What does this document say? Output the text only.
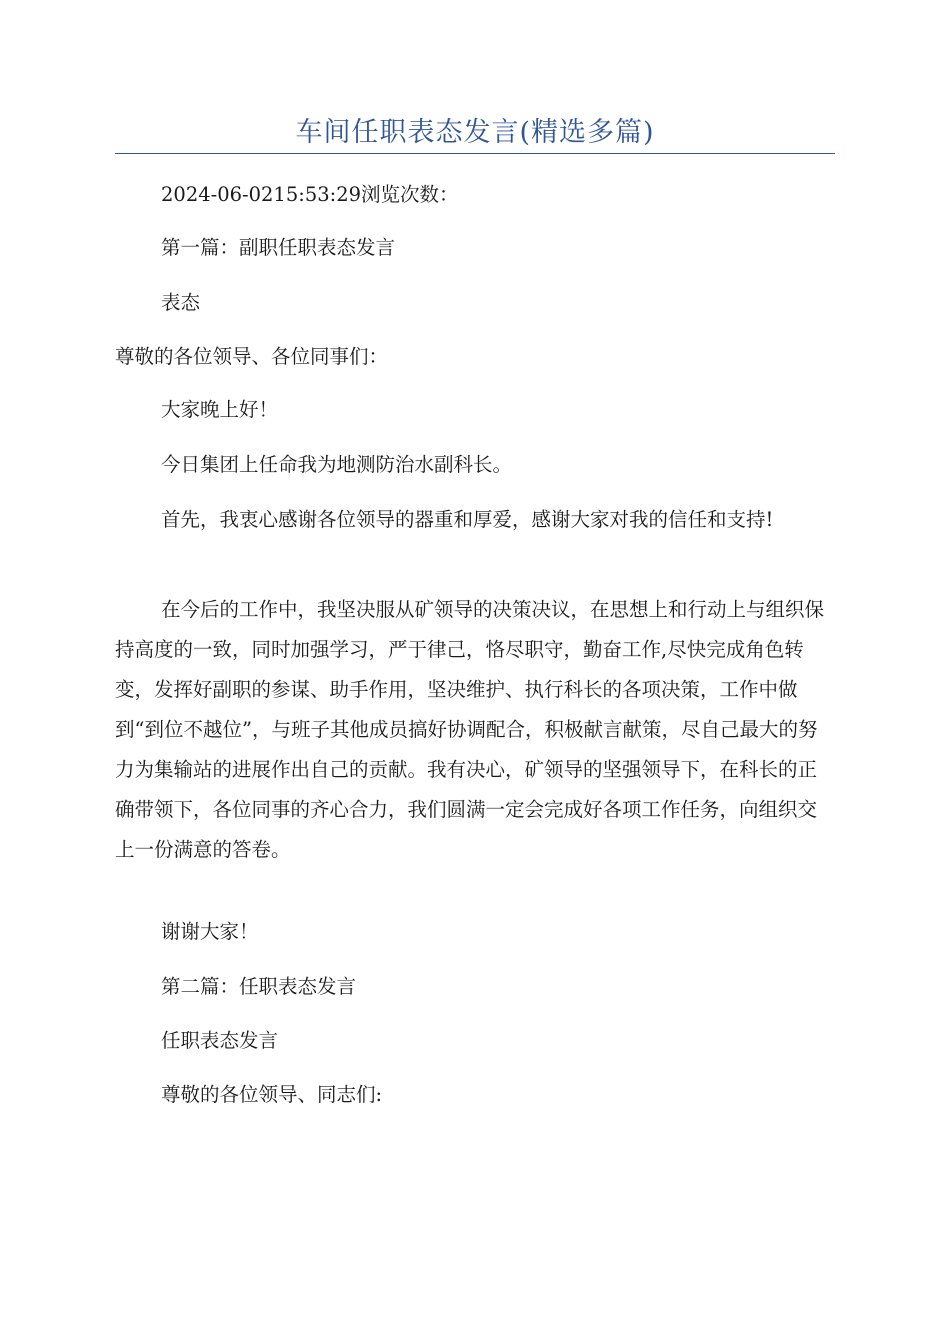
车间任职表态发言(精选多篇)

2024-06-0215:53:29浏览次数：

第一篇：副职任职表态发言

表态

尊敬的各位领导、各位同事们：

大家晚上好！

今日集团上任命我为地测防治水副科长。

首先，我衷心感谢各位领导的器重和厚爱，感谢大家对我的信任和支持!

在今后的工作中，我坚决服从矿领导的决策决议，在思想上和行动上与组织保持高度的一致，同时加强学习，严于律己，恪尽职守，勤奋工作,尽快完成角色转变，发挥好副职的参谋、助手作用，坚决维护、执行科长的各项决策，工作中做到“到位不越位”，与班子其他成员搞好协调配合，积极献言献策，尽自己最大的努力为集输站的进展作出自己的贡献。我有决心，矿领导的坚强领导下，在科长的正确带领下，各位同事的齐心合力，我们圆满一定会完成好各项工作任务，向组织交上一份满意的答卷。

谢谢大家！

第二篇：任职表态发言

任职表态发言

尊敬的各位领导、同志们:
